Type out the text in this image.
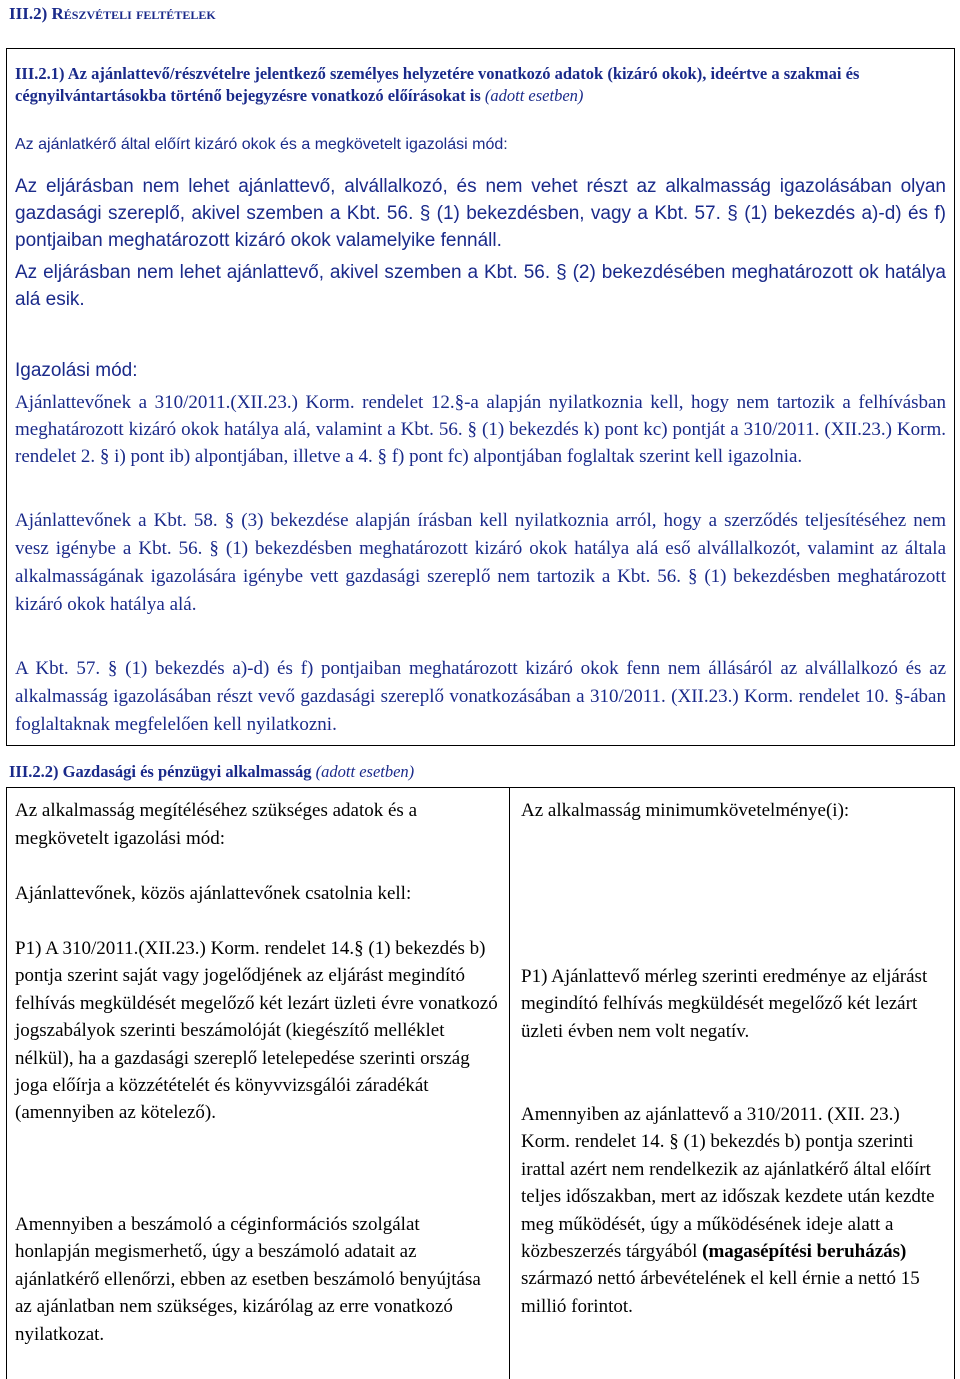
III.2) Részvételi feltételek
III.2.1) Az ajánlattevő/részvételre jelentkező személyes helyzetére vonatkozó adatok (kizáró okok), ideértve a szakmai és cégnyilvántartásokba történő bejegyzésre vonatkozó előírásokat is (adott esetben)
Az ajánlatkérő által előírt kizáró okok és a megkövetelt igazolási mód:
Az eljárásban nem lehet ajánlattevő, alvállalkozó, és nem vehet részt az alkalmasság igazolásában olyan gazdasági szereplő, akivel szemben a Kbt. 56. § (1) bekezdésben, vagy a Kbt. 57. § (1) bekezdés a)-d) és f) pontjaiban meghatározott kizáró okok valamelyike fennáll.
Az eljárásban nem lehet ajánlattevő, akivel szemben a Kbt. 56. § (2) bekezdésében meghatározott ok hatálya alá esik.
Igazolási mód:
Ajánlattevőnek a 310/2011.(XII.23.) Korm. rendelet 12.§-a alapján nyilatkoznia kell, hogy nem tartozik a felhívásban meghatározott kizáró okok hatálya alá, valamint a Kbt. 56. § (1) bekezdés k) pont kc) pontját a 310/2011. (XII.23.) Korm. rendelet 2. § i) pont ib) alpontjában, illetve a 4. § f) pont fc) alpontjában foglaltak szerint kell igazolnia.
Ajánlattevőnek a Kbt. 58. § (3) bekezdése alapján írásban kell nyilatkoznia arról, hogy a szerződés teljesítéséhez nem vesz igénybe a Kbt. 56. § (1) bekezdésben meghatározott kizáró okok hatálya alá eső alvállalkozót, valamint az általa alkalmasságának igazolására igénybe vett gazdasági szereplő nem tartozik a Kbt. 56. § (1) bekezdésben meghatározott kizáró okok hatálya alá.
A Kbt. 57. § (1) bekezdés a)-d) és f) pontjaiban meghatározott kizáró okok fenn nem állásáról az alvállalkozó és az alkalmasság igazolásában részt vevő gazdasági szereplő vonatkozásában a 310/2011. (XII.23.) Korm. rendelet 10. §-ában foglaltaknak megfelelően kell nyilatkozni.
III.2.2) Gazdasági és pénzügyi alkalmasság (adott esetben)
Az alkalmasság megítéléséhez szükséges adatok és a megkövetelt igazolási mód:
Ajánlattevőnek, közös ajánlattevőnek csatolnia kell:
P1) A 310/2011.(XII.23.) Korm. rendelet 14.§ (1) bekezdés b) pontja szerint saját vagy jogelődjének az eljárást megindító felhívás megküldését megelőző két lezárt üzleti évre vonatkozó jogszabályok szerinti beszámolóját (kiegészítő melléklet nélkül), ha a gazdasági szereplő letelepedése szerinti ország joga előírja a közzétételét és könyvvizsgálói záradékát (amennyiben az kötelező).
Amennyiben a beszámoló a céginformációs szolgálat honlapján megismerhető, úgy a beszámoló adatait az ajánlatkérő ellenőrzi, ebben az esetben beszámoló benyújtása az ajánlatban nem szükséges, kizárólag az erre vonatkozó nyilatkozat.
Az alkalmasság minimumkövetelménye(i):
P1) Ajánlattevő mérleg szerinti eredménye az eljárást megindító felhívás megküldését megelőző két lezárt üzleti évben nem volt negatív.
Amennyiben az ajánlattevő a 310/2011. (XII. 23.) Korm. rendelet 14. § (1) bekezdés b) pontja szerinti irattal azért nem rendelkezik az ajánlatkérő által előírt teljes időszakban, mert az időszak kezdete után kezdte meg működését, úgy a működésének ideje alatt a közbeszerzés tárgyából (magasépítési beruházás) származó nettó árbevételének el kell érnie a nettó 15 millió forintot.
